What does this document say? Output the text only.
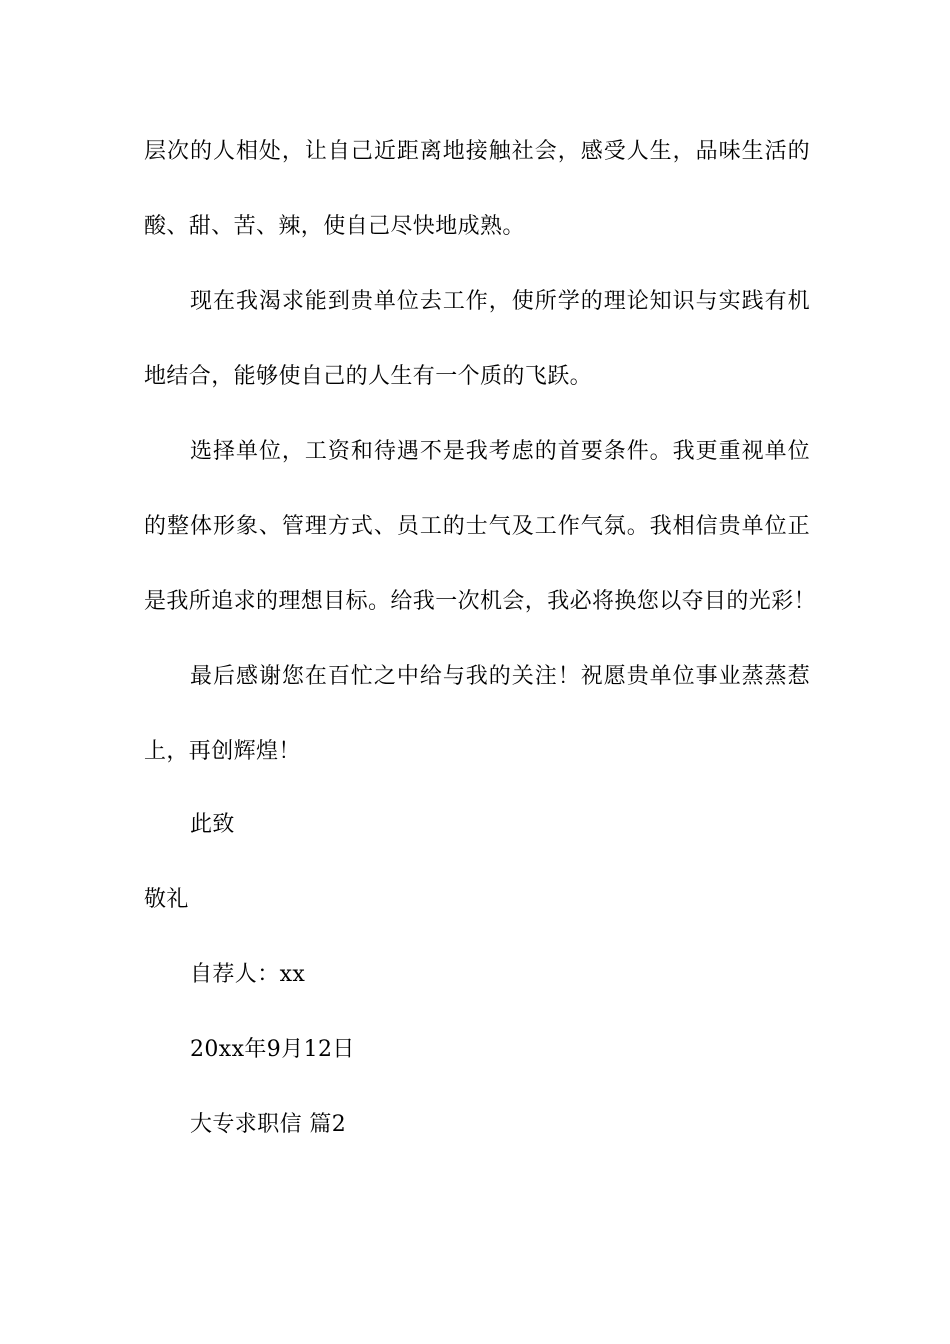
层次的人相处，让自己近距离地接触社会，感受人生，品味生活的
酸、甜、苦、辣，使自己尽快地成熟。
现在我渴求能到贵单位去工作，使所学的理论知识与实践有机
地结合，能够使自己的人生有一个质的飞跃。
选择单位，工资和待遇不是我考虑的首要条件。我更重视单位
的整体形象、管理方式、员工的士气及工作气氛。我相信贵单位正
是我所追求的理想目标。给我一次机会，我必将换您以夺目的光彩！
最后感谢您在百忙之中给与我的关注！祝愿贵单位事业蒸蒸惹
上，再创辉煌！
此致
敬礼
自荐人：xx
20xx年9月12日
大专求职信 篇2
